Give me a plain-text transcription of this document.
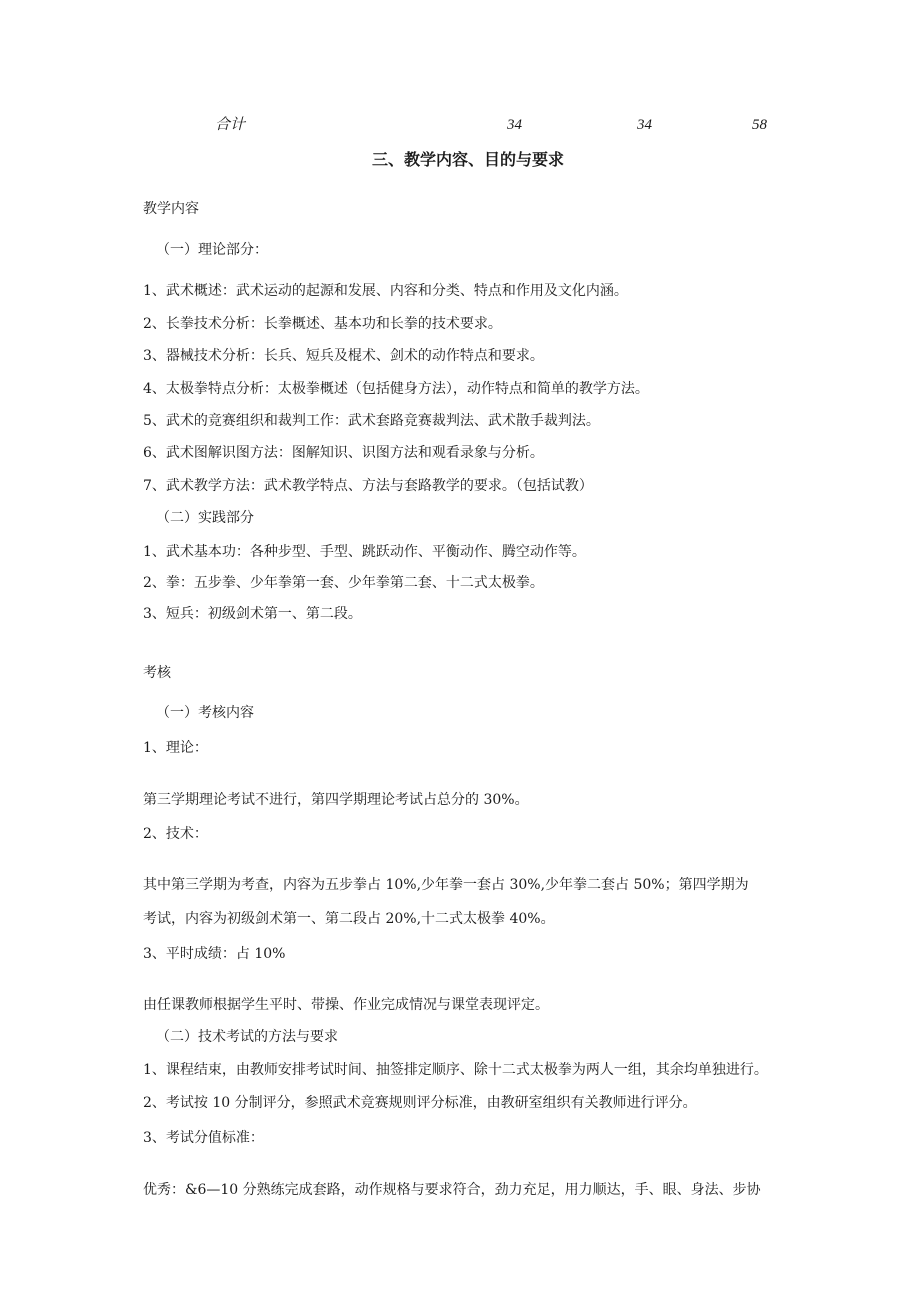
合计	34	34	58
三、教学内容、目的与要求
教学内容
（一）理论部分：
1、武术概述：武术运动的起源和发展、内容和分类、特点和作用及文化内涵。
2、长拳技术分析：长拳概述、基本功和长拳的技术要求。
3、器械技术分析：长兵、短兵及棍术、剑术的动作特点和要求。
4、太极拳特点分析：太极拳概述（包括健身方法），动作特点和简单的教学方法。
5、武术的竞赛组织和裁判工作：武术套路竞赛裁判法、武术散手裁判法。
6、武术图解识图方法：图解知识、识图方法和观看录象与分析。
7、武术教学方法：武术教学特点、方法与套路教学的要求。（包括试教）
（二）实践部分
1、武术基本功：各种步型、手型、跳跃动作、平衡动作、腾空动作等。
2、拳：五步拳、少年拳第一套、少年拳第二套、十二式太极拳。
3、短兵：初级剑术第一、第二段。
考核
（一）考核内容
1、理论：
第三学期理论考试不进行，第四学期理论考试占总分的 30%。
2、技术：
其中第三学期为考查，内容为五步拳占 10%,少年拳一套占 30%,少年拳二套占 50%；第四学期为
考试，内容为初级剑术第一、第二段占 20%,十二式太极拳 40%。
3、平时成绩：占 10%
由任课教师根据学生平时、带操、作业完成情况与课堂表现评定。
（二）技术考试的方法与要求
1、课程结束，由教师安排考试时间、抽签排定顺序、除十二式太极拳为两人一组，其余均单独进行。
2、考试按 10 分制评分，参照武术竞赛规则评分标准，由教研室组织有关教师进行评分。
3、考试分值标准：
优秀：&6—10 分熟练完成套路，动作规格与要求符合，劲力充足，用力顺达，手、眼、身法、步协
